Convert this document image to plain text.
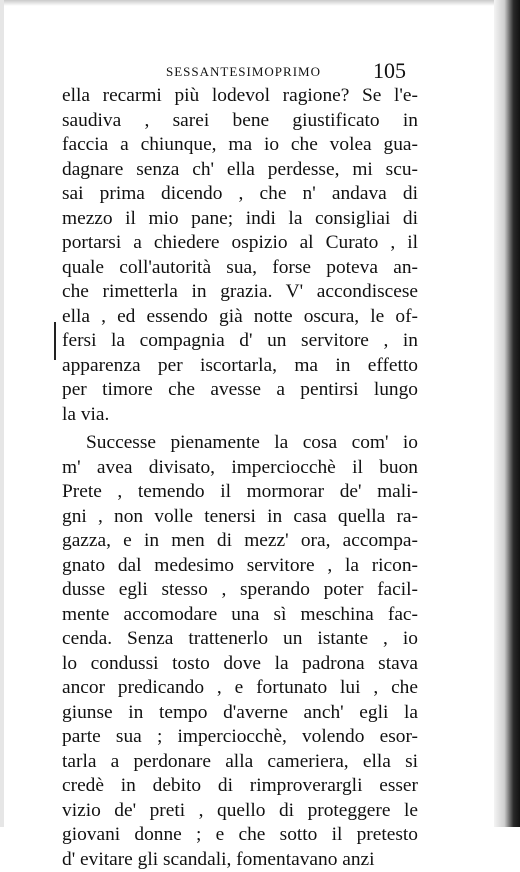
SESSANTESIMOPRIMO 105
ella recarmi più lodevol ragione? Se l'e-
saudiva , sarei bene giustificato in
faccia a chiunque, ma io che volea gua-
dagnare senza ch' ella perdesse, mi scu-
sai prima dicendo , che n' andava di
mezzo il mio pane; indi la consigliai di
portarsi a chiedere ospizio al Curato , il
quale coll'autorità sua, forse poteva an-
che rimetterla in grazia. V' accondiscese
ella , ed essendo già notte oscura, le of-
fersi la compagnia d' un servitore , in
apparenza per iscortarla, ma in effetto
per timore che avesse a pentirsi lungo
la via.
Successe pienamente la cosa com' io
m' avea divisato, imperciocchè il buon
Prete , temendo il mormorar de' mali-
gni , non volle tenersi in casa quella ra-
gazza, e in men di mezz' ora, accompa-
gnato dal medesimo servitore , la ricon-
dusse egli stesso , sperando poter facil-
mente accomodare una sì meschina fac-
cenda. Senza trattenerlo un istante , io
lo condussi tosto dove la padrona stava
ancor predicando , e fortunato lui , che
giunse in tempo d'averne anch' egli la
parte sua ; imperciocchè, volendo esor-
tarla a perdonare alla cameriera, ella si
credè in debito di rimproverargli esser
vizio de' preti , quello di proteggere le
giovani donne ; e che sotto il pretesto
d' evitare gli scandali, fomentavano anzi
